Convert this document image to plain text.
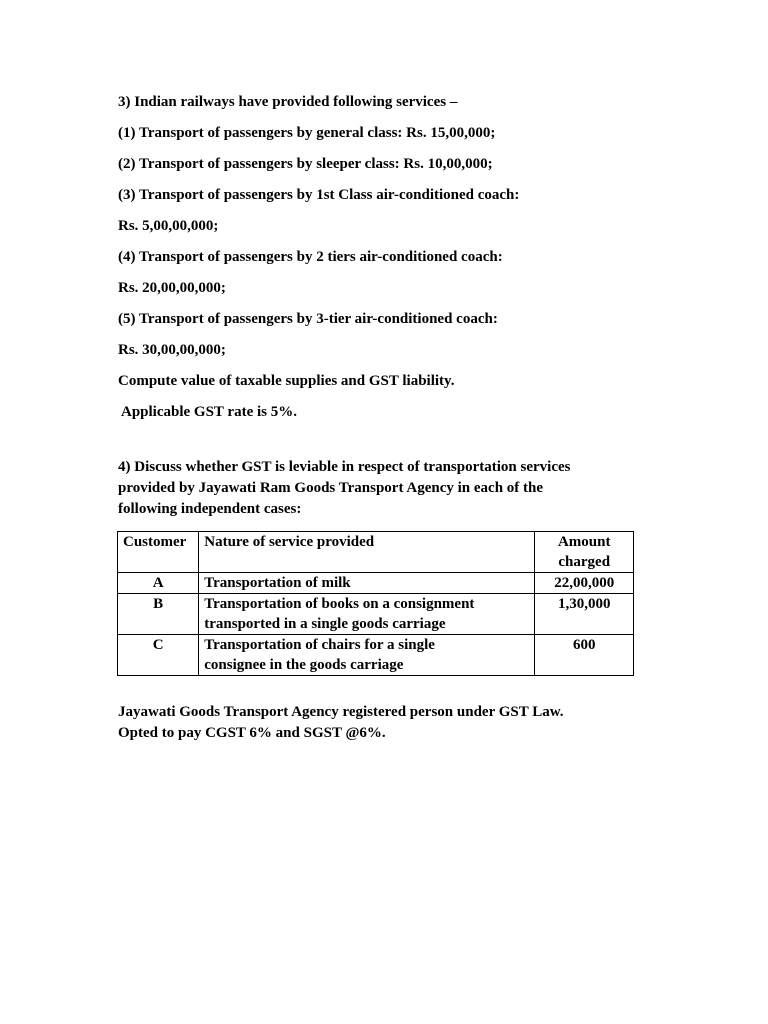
3) Indian railways have provided following services –
(1) Transport of passengers by general class: Rs. 15,00,000;
(2) Transport of passengers by sleeper class: Rs. 10,00,000;
(3) Transport of passengers by 1st Class air-conditioned coach:
Rs. 5,00,00,000;
(4) Transport of passengers by 2 tiers air-conditioned coach:
Rs. 20,00,00,000;
(5) Transport of passengers by 3-tier air-conditioned coach:
Rs. 30,00,00,000;
Compute value of taxable supplies and GST liability.
Applicable GST rate is 5%.
4) Discuss whether GST is leviable in respect of transportation services
provided by Jayawati Ram Goods Transport Agency in each of the
following independent cases:
Customer	Nature of service provided	Amount
charged

A	Transportation of milk	22,00,000
B	Transportation of books on a consignment
transported in a single goods carriage	1,30,000
C	Transportation of chairs for a single
consignee in the goods carriage	600
Jayawati Goods Transport Agency registered person under GST Law.
Opted to pay CGST 6% and SGST @6%.
